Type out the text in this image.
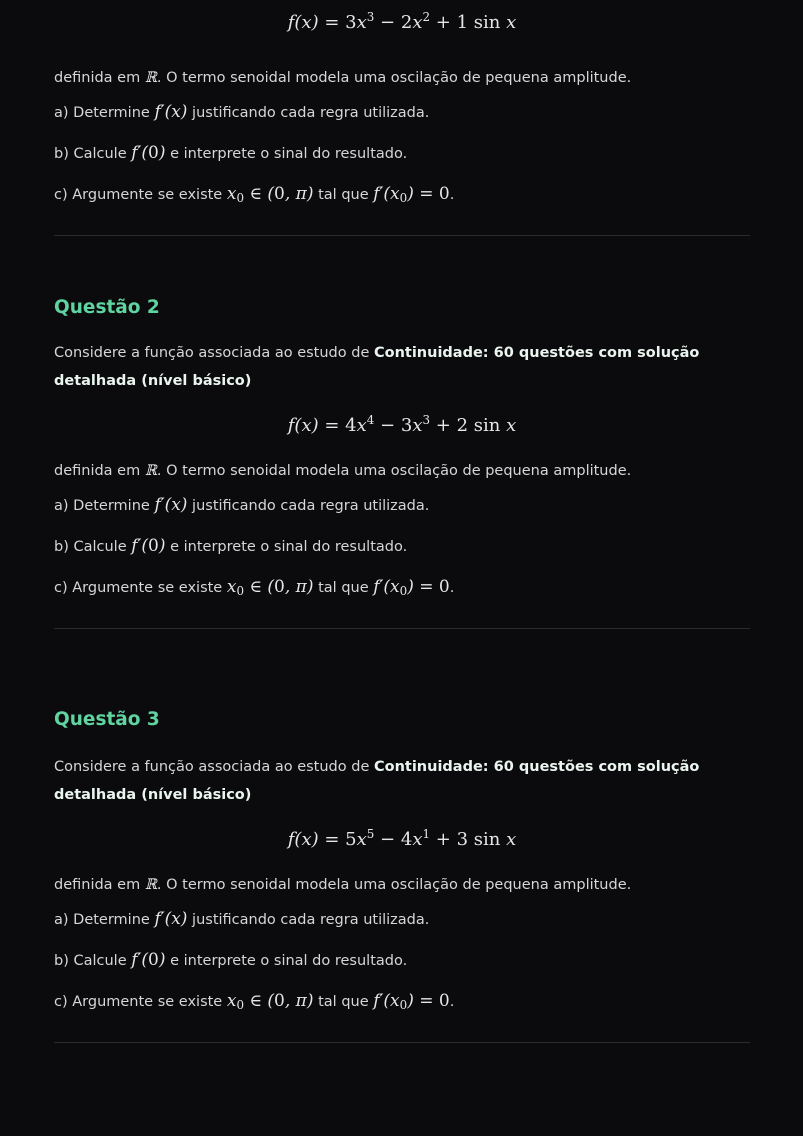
$f(x) = 3x^3 - 2x^2 + 1$ sin x

definida em ℝ. O termo senoidal modela uma oscilação de pequena amplitude.

a) Determine f′(x) justificando cada regra utilizada.

b) Calcule f′(0) e interprete o sinal do resultado.

c) Argumente se existe $x_0$ ∈ (0, π) tal que $f'(x_0) = 0$.

Questão 2

Considere a função associada ao estudo de Continuidade: 60 questões com solução detalhada (nível básico)

$f(x) = 4x^4 - 3x^3 + 2$ sin x

definida em ℝ. O termo senoidal modela uma oscilação de pequena amplitude.

a) Determine f′(x) justificando cada regra utilizada.

b) Calcule f′(0) e interprete o sinal do resultado.

c) Argumente se existe $x_0$ ∈ (0, π) tal que $f'(x_0) = 0$.

Questão 3

Considere a função associada ao estudo de Continuidade: 60 questões com solução detalhada (nível básico)

$f(x) = 5x^5 - 4x^1 + 3$ sin x

definida em ℝ. O termo senoidal modela uma oscilação de pequena amplitude.

a) Determine f′(x) justificando cada regra utilizada.

b) Calcule f′(0) e interprete o sinal do resultado.

c) Argumente se existe $x_0$ ∈ (0, π) tal que $f'(x_0) = 0$.
